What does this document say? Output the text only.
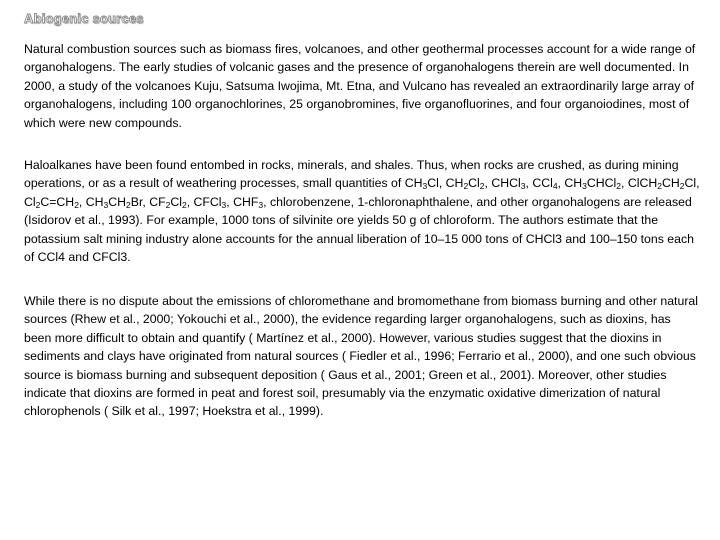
Abiogenic sources

Natural combustion sources such as biomass fires, volcanoes, and other geothermal processes account for a wide range of organohalogens. The early studies of volcanic gases and the presence of organohalogens therein are well documented. In 2000, a study of the volcanoes Kuju, Satsuma Iwojima, Mt. Etna, and Vulcano has revealed an extraordinarily large array of organohalogens, including 100 organochlorines, 25 organobromines, five organofluorines, and four organoiodines, most of which were new compounds.

Haloalkanes have been found entombed in rocks, minerals, and shales. Thus, when rocks are crushed, as during mining operations, or as a result of weathering processes, small quantities of $CH_3Cl$, $CH_2Cl_2$, CHCl$_3$, CCl$_4$, $CH_3CHCl_2$, $ClCH_2CH_2Cl$, $Cl_2C=CH_2$, $CH_3CH_2Br$, $CF_2Cl_2$, CFCl$_3$, $CHF_3$, chlorobenzene, 1-chloronaphthalene, and other organohalogens are released (Isidorov et al., 1993). For example, 1000 tons of silvinite ore yields 50 g of chloroform. The authors estimate that the potassium salt mining industry alone accounts for the annual liberation of 10–15 000 tons of CHCl3 and 100–150 tons each of CCl4 and CFCl3.

While there is no dispute about the emissions of chloromethane and bromomethane from biomass burning and other natural sources (Rhew et al., 2000; Yokouchi et al., 2000), the evidence regarding larger organohalogens, such as dioxins, has been more difficult to obtain and quantify ( Martínez et al., 2000). However, various studies suggest that the dioxins in sediments and clays have originated from natural sources ( Fiedler et al., 1996; Ferrario et al., 2000), and one such obvious source is biomass burning and subsequent deposition ( Gaus et al., 2001; Green et al., 2001). Moreover, other studies indicate that dioxins are formed in peat and forest soil, presumably via the enzymatic oxidative dimerization of natural chlorophenols ( Silk et al., 1997; Hoekstra et al., 1999).
